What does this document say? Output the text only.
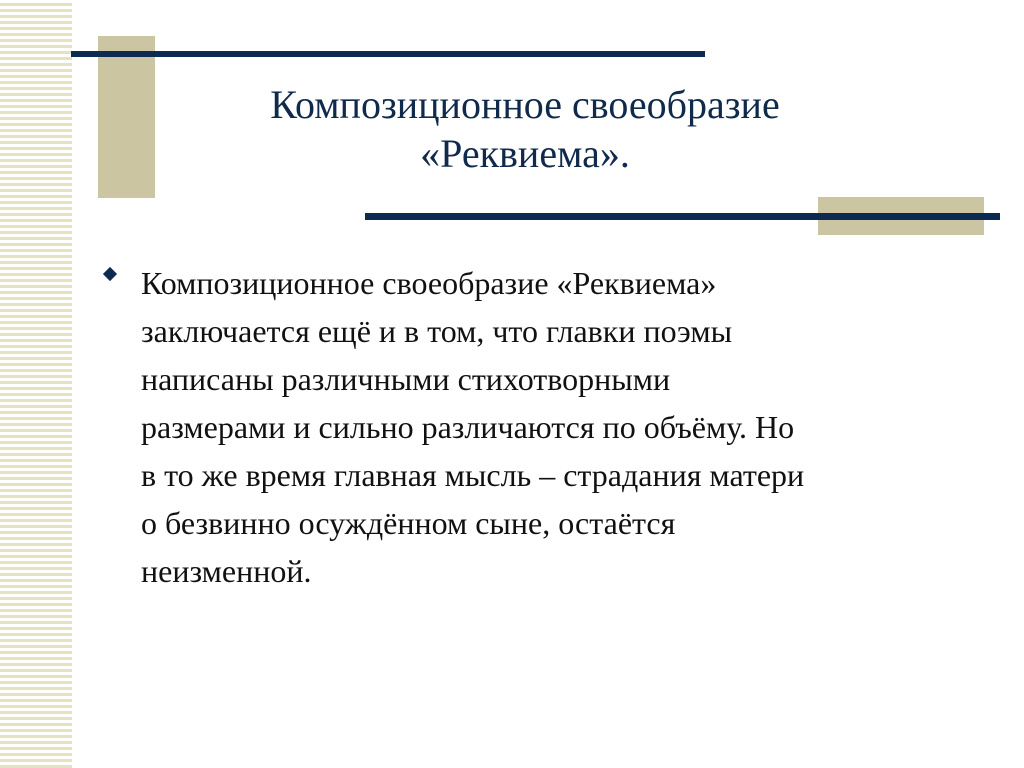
Композиционное своеобразие
«Реквиема».
Композиционное своеобразие «Реквиема»
заключается ещё и в том, что главки поэмы
написаны различными стихотворными
размерами и сильно различаются по объёму. Но
в то же время главная мысль – страдания матери
о безвинно осуждённом сыне, остаётся
неизменной.
